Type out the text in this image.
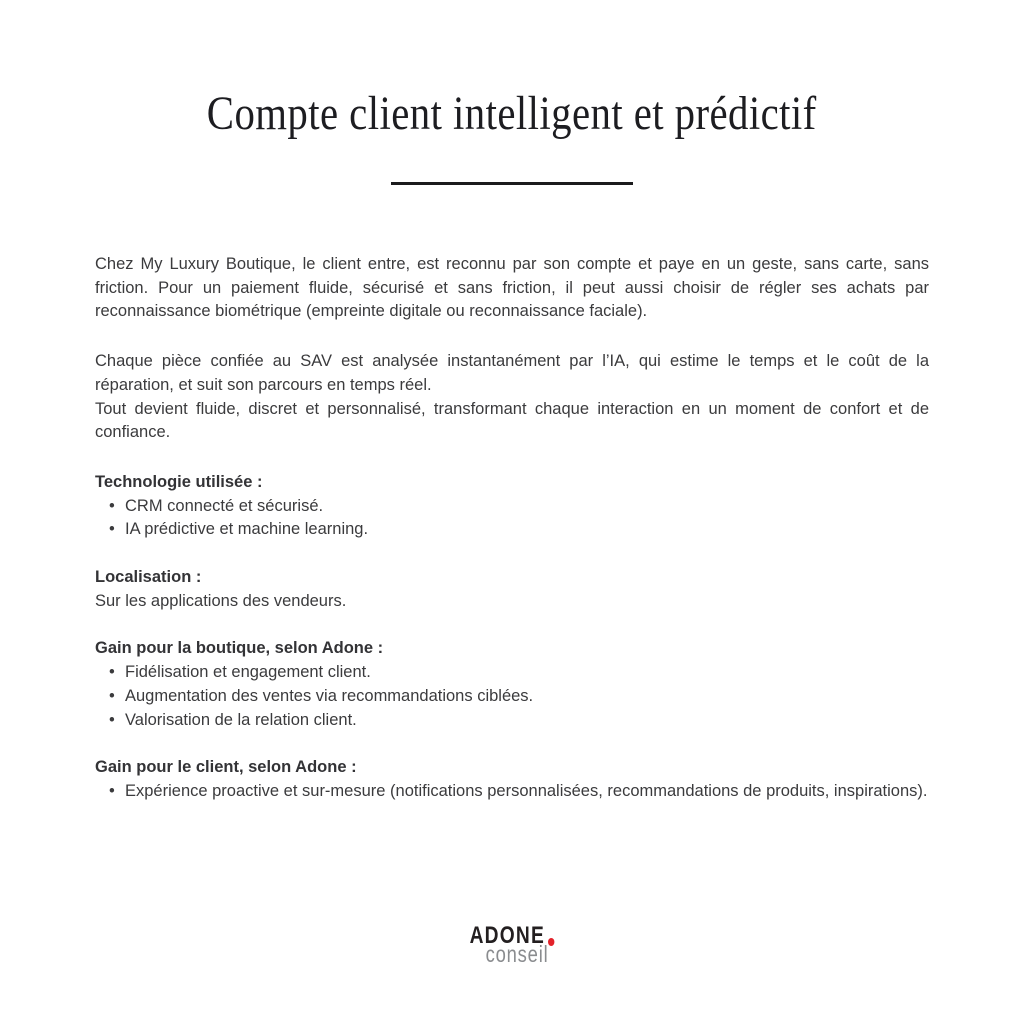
Compte client intelligent et prédictif

Chez My Luxury Boutique, le client entre, est reconnu par son compte et paye en un geste, sans carte, sans friction. Pour un paiement fluide, sécurisé et sans friction, il peut aussi choisir de régler ses achats par reconnaissance biométrique (empreinte digitale ou reconnaissance faciale).

Chaque pièce confiée au SAV est analysée instantanément par l’IA, qui estime le temps et le coût de la réparation, et suit son parcours en temps réel.

Tout devient fluide, discret et personnalisé, transformant chaque interaction en un moment de confort et de confiance.

Technologie utilisée :

• CRM connecté et sécurisé.
• IA prédictive et machine learning.

Localisation :

Sur les applications des vendeurs.

Gain pour la boutique, selon Adone :

• Fidélisation et engagement client.
• Augmentation des ventes via recommandations ciblées.
• Valorisation de la relation client.

Gain pour le client, selon Adone :

• Expérience proactive et sur-mesure (notifications personnalisées, recommandations de produits, inspirations).
ADONE
conseil
